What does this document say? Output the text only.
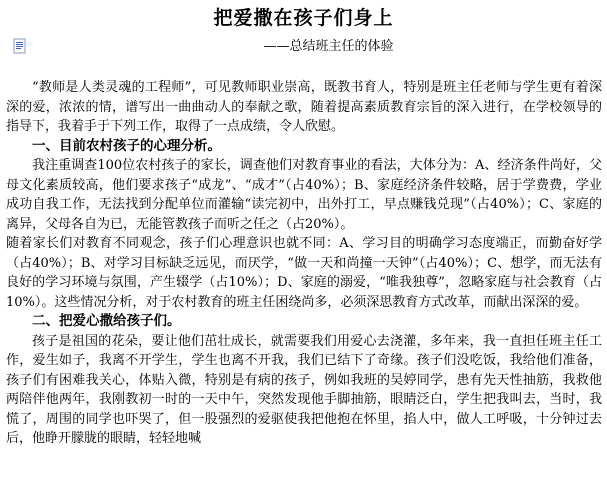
把爱撒在孩子们身上
——总结班主任的体验

“教师是人类灵魂的工程师”，可见教师职业崇高，既教书育人，特别是班主任老师与学生更有着深深的爱，浓浓的情，谱写出一曲曲动人的奉献之歌，随着提高素质教育宗旨的深入进行，在学校领导的指导下，我着手于下列工作，取得了一点成绩，令人欣慰。

一、目前农村孩子的心理分析。

我注重调查100位农村孩子的家长，调查他们对教育事业的看法，大体分为：A、经济条件尚好，父母文化素质较高，他们要求孩子“成龙”、“成才”（占40%）；B、家庭经济条件较略，居于学费费，学业成功自我工作，无法找到分配单位而灌输“读完初中，出外打工，早点赚钱兑现”（占40%）；C、家庭的离异，父母各自为已，无能管教孩子而听之任之（占20%）。

随着家长们对教育不同观念，孩子们心理意识也就不同：A、学习目的明确学习态度端正，而勤奋好学（占40%）；B、对学习目标缺乏远见，而厌学，“做一天和尚撞一天钟”（占40%）；C、想学，而无法有良好的学习环境与氛围，产生辍学（占10%）；D、家庭的溺爱，“唯我独尊”，忽略家庭与社会教育（占10%）。这些情况分析，对于农村教育的班主任困绕尚多，必须深思教育方式改革，而献出深深的爱。

二、把爱心撒给孩子们。

孩子是祖国的花朵，要让他们茁壮成长，就需要我们用爱心去浇灌，多年来，我一直担任班主任工作，爱生如子，我离不开学生，学生也离不开我，我们已结下了奇缘。孩子们没吃饭，我给他们准备，孩子们有困难我关心，体贴入微，特别是有病的孩子，例如我班的吴婷同学，患有先天性抽筋，我救他两陪伴他两年，我刚教初一时的一天中午，突然发现他手脚抽筋，眼睛泛白，学生把我叫去，当时，我慌了，周围的同学也吓哭了，但一股强烈的爱驱使我把他抱在怀里，掐人中，做人工呼吸，十分钟过去后，他睁开朦胧的眼睛，轻轻地喊
